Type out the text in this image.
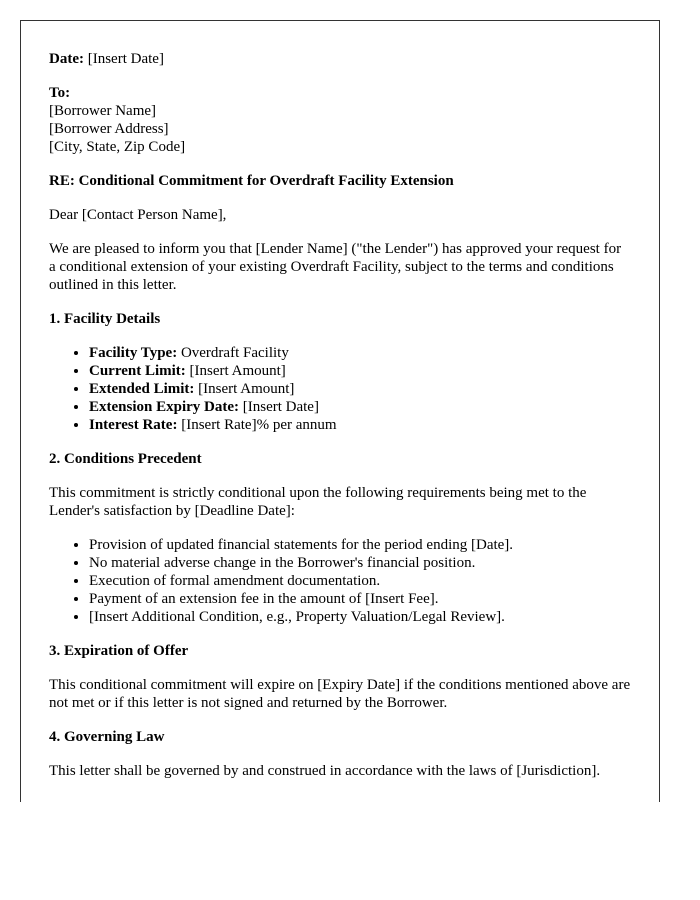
Date: [Insert Date]

To:
[Borrower Name]
[Borrower Address]
[City, State, Zip Code]

RE: Conditional Commitment for Overdraft Facility Extension

Dear [Contact Person Name],

We are pleased to inform you that [Lender Name] ("the Lender") has approved your request for a conditional extension of your existing Overdraft Facility, subject to the terms and conditions outlined in this letter.

1. Facility Details

• Facility Type: Overdraft Facility
• Current Limit: [Insert Amount]
• Extended Limit: [Insert Amount]
• Extension Expiry Date: [Insert Date]
• Interest Rate: [Insert Rate]% per annum

2. Conditions Precedent

This commitment is strictly conditional upon the following requirements being met to the Lender's satisfaction by [Deadline Date]:

• Provision of updated financial statements for the period ending [Date].
• No material adverse change in the Borrower's financial position.
• Execution of formal amendment documentation.
• Payment of an extension fee in the amount of [Insert Fee].
• [Insert Additional Condition, e.g., Property Valuation/Legal Review].

3. Expiration of Offer

This conditional commitment will expire on [Expiry Date] if the conditions mentioned above are not met or if this letter is not signed and returned by the Borrower.

4. Governing Law

This letter shall be governed by and construed in accordance with the laws of [Jurisdiction].
